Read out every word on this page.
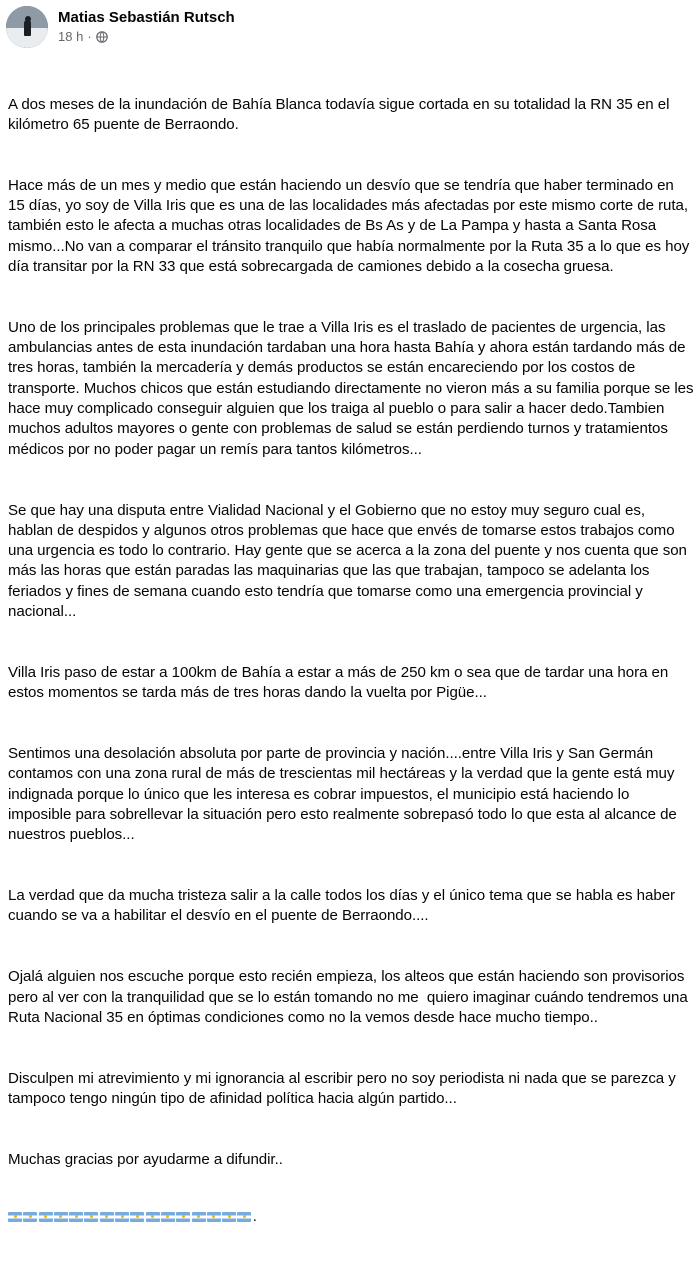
Matias Sebastián Rutsch
18 h ·

A dos meses de la inundación de Bahía Blanca todavía sigue cortada en su totalidad la RN 35 en el kilómetro 65 puente de Berraondo.

Hace más de un mes y medio que están haciendo un desvío que se tendría que haber terminado en 15 días, yo soy de Villa Iris que es una de las localidades más afectadas por este mismo corte de ruta, también esto le afecta a muchas otras localidades de Bs As y de La Pampa y hasta a Santa Rosa mismo...No van a comparar el tránsito tranquilo que había normalmente por la Ruta 35 a lo que es hoy día transitar por la RN 33 que está sobrecargada de camiones debido a la cosecha gruesa.

Uno de los principales problemas que le trae a Villa Iris es el traslado de pacientes de urgencia, las ambulancias antes de esta inundación tardaban una hora hasta Bahía y ahora están tardando más de tres horas, también la mercadería y demás productos se están encareciendo por los costos de transporte. Muchos chicos que están estudiando directamente no vieron más a su familia porque se les hace muy complicado conseguir alguien que los traiga al pueblo o para salir a hacer dedo.Tambien muchos adultos mayores o gente con problemas de salud se están perdiendo turnos y tratamientos médicos por no poder pagar un remís para tantos kilómetros...

Se que hay una disputa entre Vialidad Nacional y el Gobierno que no estoy muy seguro cual es, hablan de despidos y algunos otros problemas que hace que envés de tomarse estos trabajos como una urgencia es todo lo contrario. Hay gente que se acerca a la zona del puente y nos cuenta que son más las horas que están paradas las maquinarias que las que trabajan, tampoco se adelanta los feriados y fines de semana cuando esto tendría que tomarse como una emergencia provincial y nacional...

Villa Iris paso de estar a 100km de Bahía a estar a más de 250 km o sea que de tardar una hora en estos momentos se tarda más de tres horas dando la vuelta por Pigüe...

Sentimos una desolación absoluta por parte de provincia y nación....entre Villa Iris y San Germán contamos con una zona rural de más de trescientas mil hectáreas y la verdad que la gente está muy indignada porque lo único que les interesa es cobrar impuestos, el municipio está haciendo lo imposible para sobrellevar la situación pero esto realmente sobrepasó todo lo que esta al alcance de nuestros pueblos...

La verdad que da mucha tristeza salir a la calle todos los días y el único tema que se habla es haber cuando se va a habilitar el desvío en el puente de Berraondo....

Ojalá alguien nos escuche porque esto recién empieza, los alteos que están haciendo son provisorios pero al ver con la tranquilidad que se lo están tomando no me  quiero imaginar cuándo tendremos una Ruta Nacional 35 en óptimas condiciones como no la vemos desde hace mucho tiempo..

Disculpen mi atrevimiento y mi ignorancia al escribir pero no soy periodista ni nada que se parezca y tampoco tengo ningún tipo de afinidad política hacia algún partido...

Muchas gracias por ayudarme a difundir..

.
